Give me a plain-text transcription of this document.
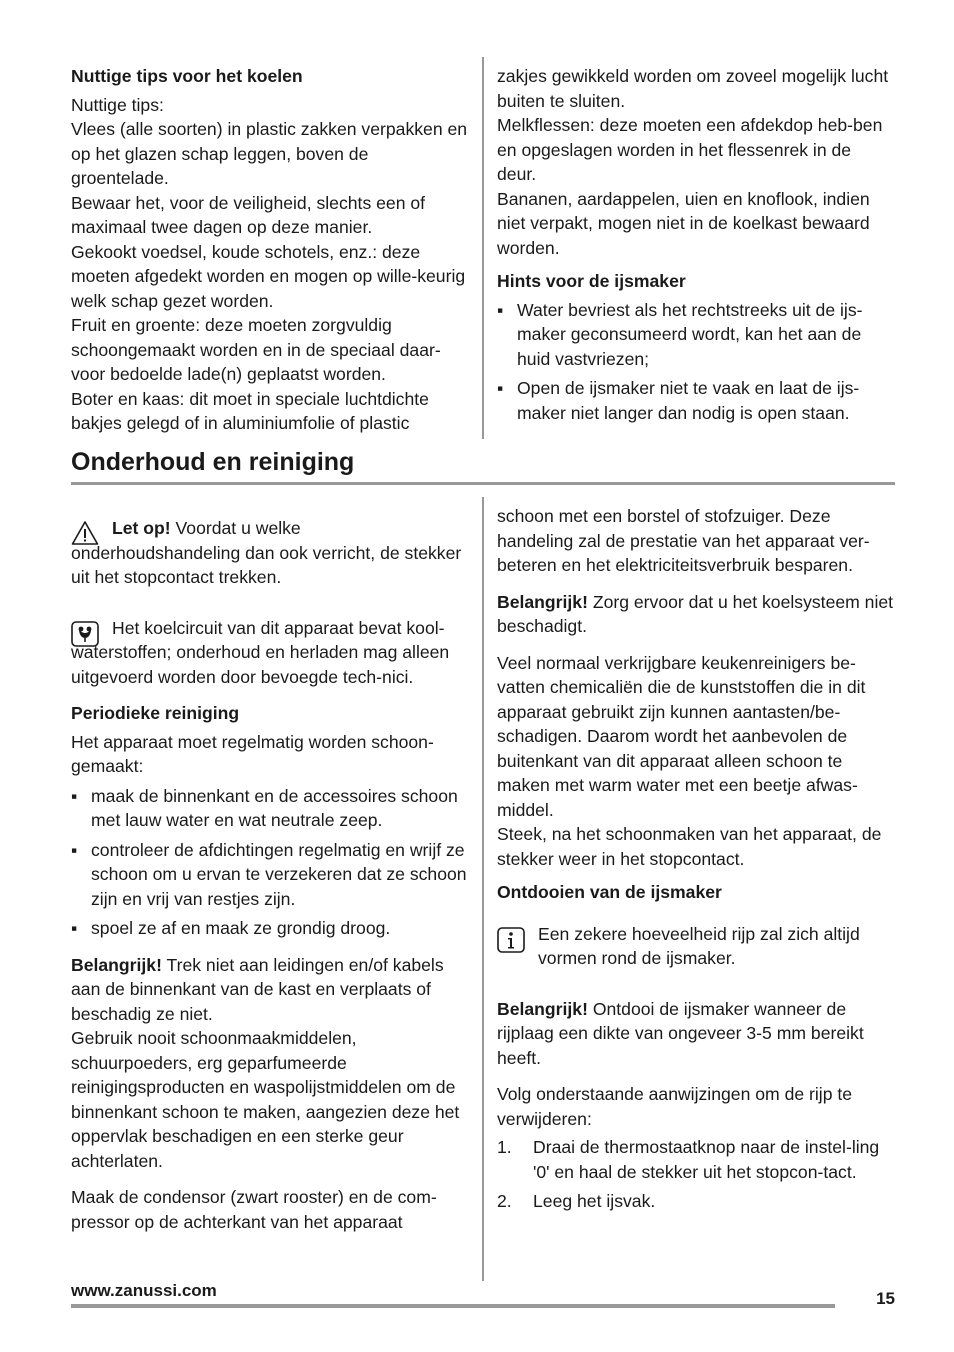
Nuttige tips voor het koelen

Nuttige tips:

Vlees (alle soorten) in plastic zakken verpakken en op het glazen schap leggen, boven de groentelade.

Bewaar het, voor de veiligheid, slechts een of maximaal twee dagen op deze manier.

Gekookt voedsel, koude schotels, enz.: deze moeten afgedekt worden en mogen op wille-keurig welk schap gezet worden.

Fruit en groente: deze moeten zorgvuldig schoongemaakt worden en in de speciaal daar-voor bedoelde lade(n) geplaatst worden.

Boter en kaas: dit moet in speciale luchtdichte bakjes gelegd of in aluminiumfolie of plastic

zakjes gewikkeld worden om zoveel mogelijk lucht buiten te sluiten.

Melkflessen: deze moeten een afdekdop heb-ben en opgeslagen worden in het flessenrek in de deur.

Bananen, aardappelen, uien en knoflook, indien niet verpakt, mogen niet in de koelkast bewaard worden.

Hints voor de ijsmaker
▪ Water bevriest als het rechtstreeks uit de ijs-maker geconsumeerd wordt, kan het aan de huid vastvriezen;
▪ Open de ijsmaker niet te vaak en laat de ijs-maker niet langer dan nodig is open staan.
Onderhoud en reiniging

Let op! Voordat u welke onderhoudshandeling dan ook verricht, de stekker uit het stopcontact trekken.

Het koelcircuit van dit apparaat bevat kool-waterstoffen; onderhoud en herladen mag alleen uitgevoerd worden door bevoegde tech-nici.

Periodieke reiniging

Het apparaat moet regelmatig worden schoon-gemaakt:

▪ maak de binnenkant en de accessoires schoon met lauw water en wat neutrale zeep.
▪ controleer de afdichtingen regelmatig en wrijf ze schoon om u ervan te verzekeren dat ze schoon zijn en vrij van restjes zijn.
▪ spoel ze af en maak ze grondig droog.

Belangrijk! Trek niet aan leidingen en/of kabels aan de binnenkant van de kast en verplaats of beschadig ze niet.

Gebruik nooit schoonmaakmiddelen, schuurpoeders, erg geparfumeerde reinigingsproducten en waspolijstmiddelen om de binnenkant schoon te maken, aangezien deze het oppervlak beschadigen en een sterke geur achterlaten.

Maak de condensor (zwart rooster) en de com-pressor op de achterkant van het apparaat

schoon met een borstel of stofzuiger. Deze handeling zal de prestatie van het apparaat ver-beteren en het elektriciteitsverbruik besparen.

Belangrijk! Zorg ervoor dat u het koelsysteem niet beschadigt.

Veel normaal verkrijgbare keukenreinigers be-vatten chemicaliën die de kunststoffen die in dit apparaat gebruikt zijn kunnen aantasten/be-schadigen. Daarom wordt het aanbevolen de buitenkant van dit apparaat alleen schoon te maken met warm water met een beetje afwas-middel.

Steek, na het schoonmaken van het apparaat, de stekker weer in het stopcontact.

Ontdooien van de ijsmaker

Een zekere hoeveelheid rijp zal zich altijd vormen rond de ijsmaker.

Belangrijk! Ontdooi de ijsmaker wanneer de rijplaag een dikte van ongeveer 3-5 mm bereikt heeft.

Volg onderstaande aanwijzingen om de rijp te verwijderen:

1. Draai de thermostaatknop naar de instel-ling '0' en haal de stekker uit het stopcon-tact.
2. Leeg het ijsvak.
www.zanussi.com	15
